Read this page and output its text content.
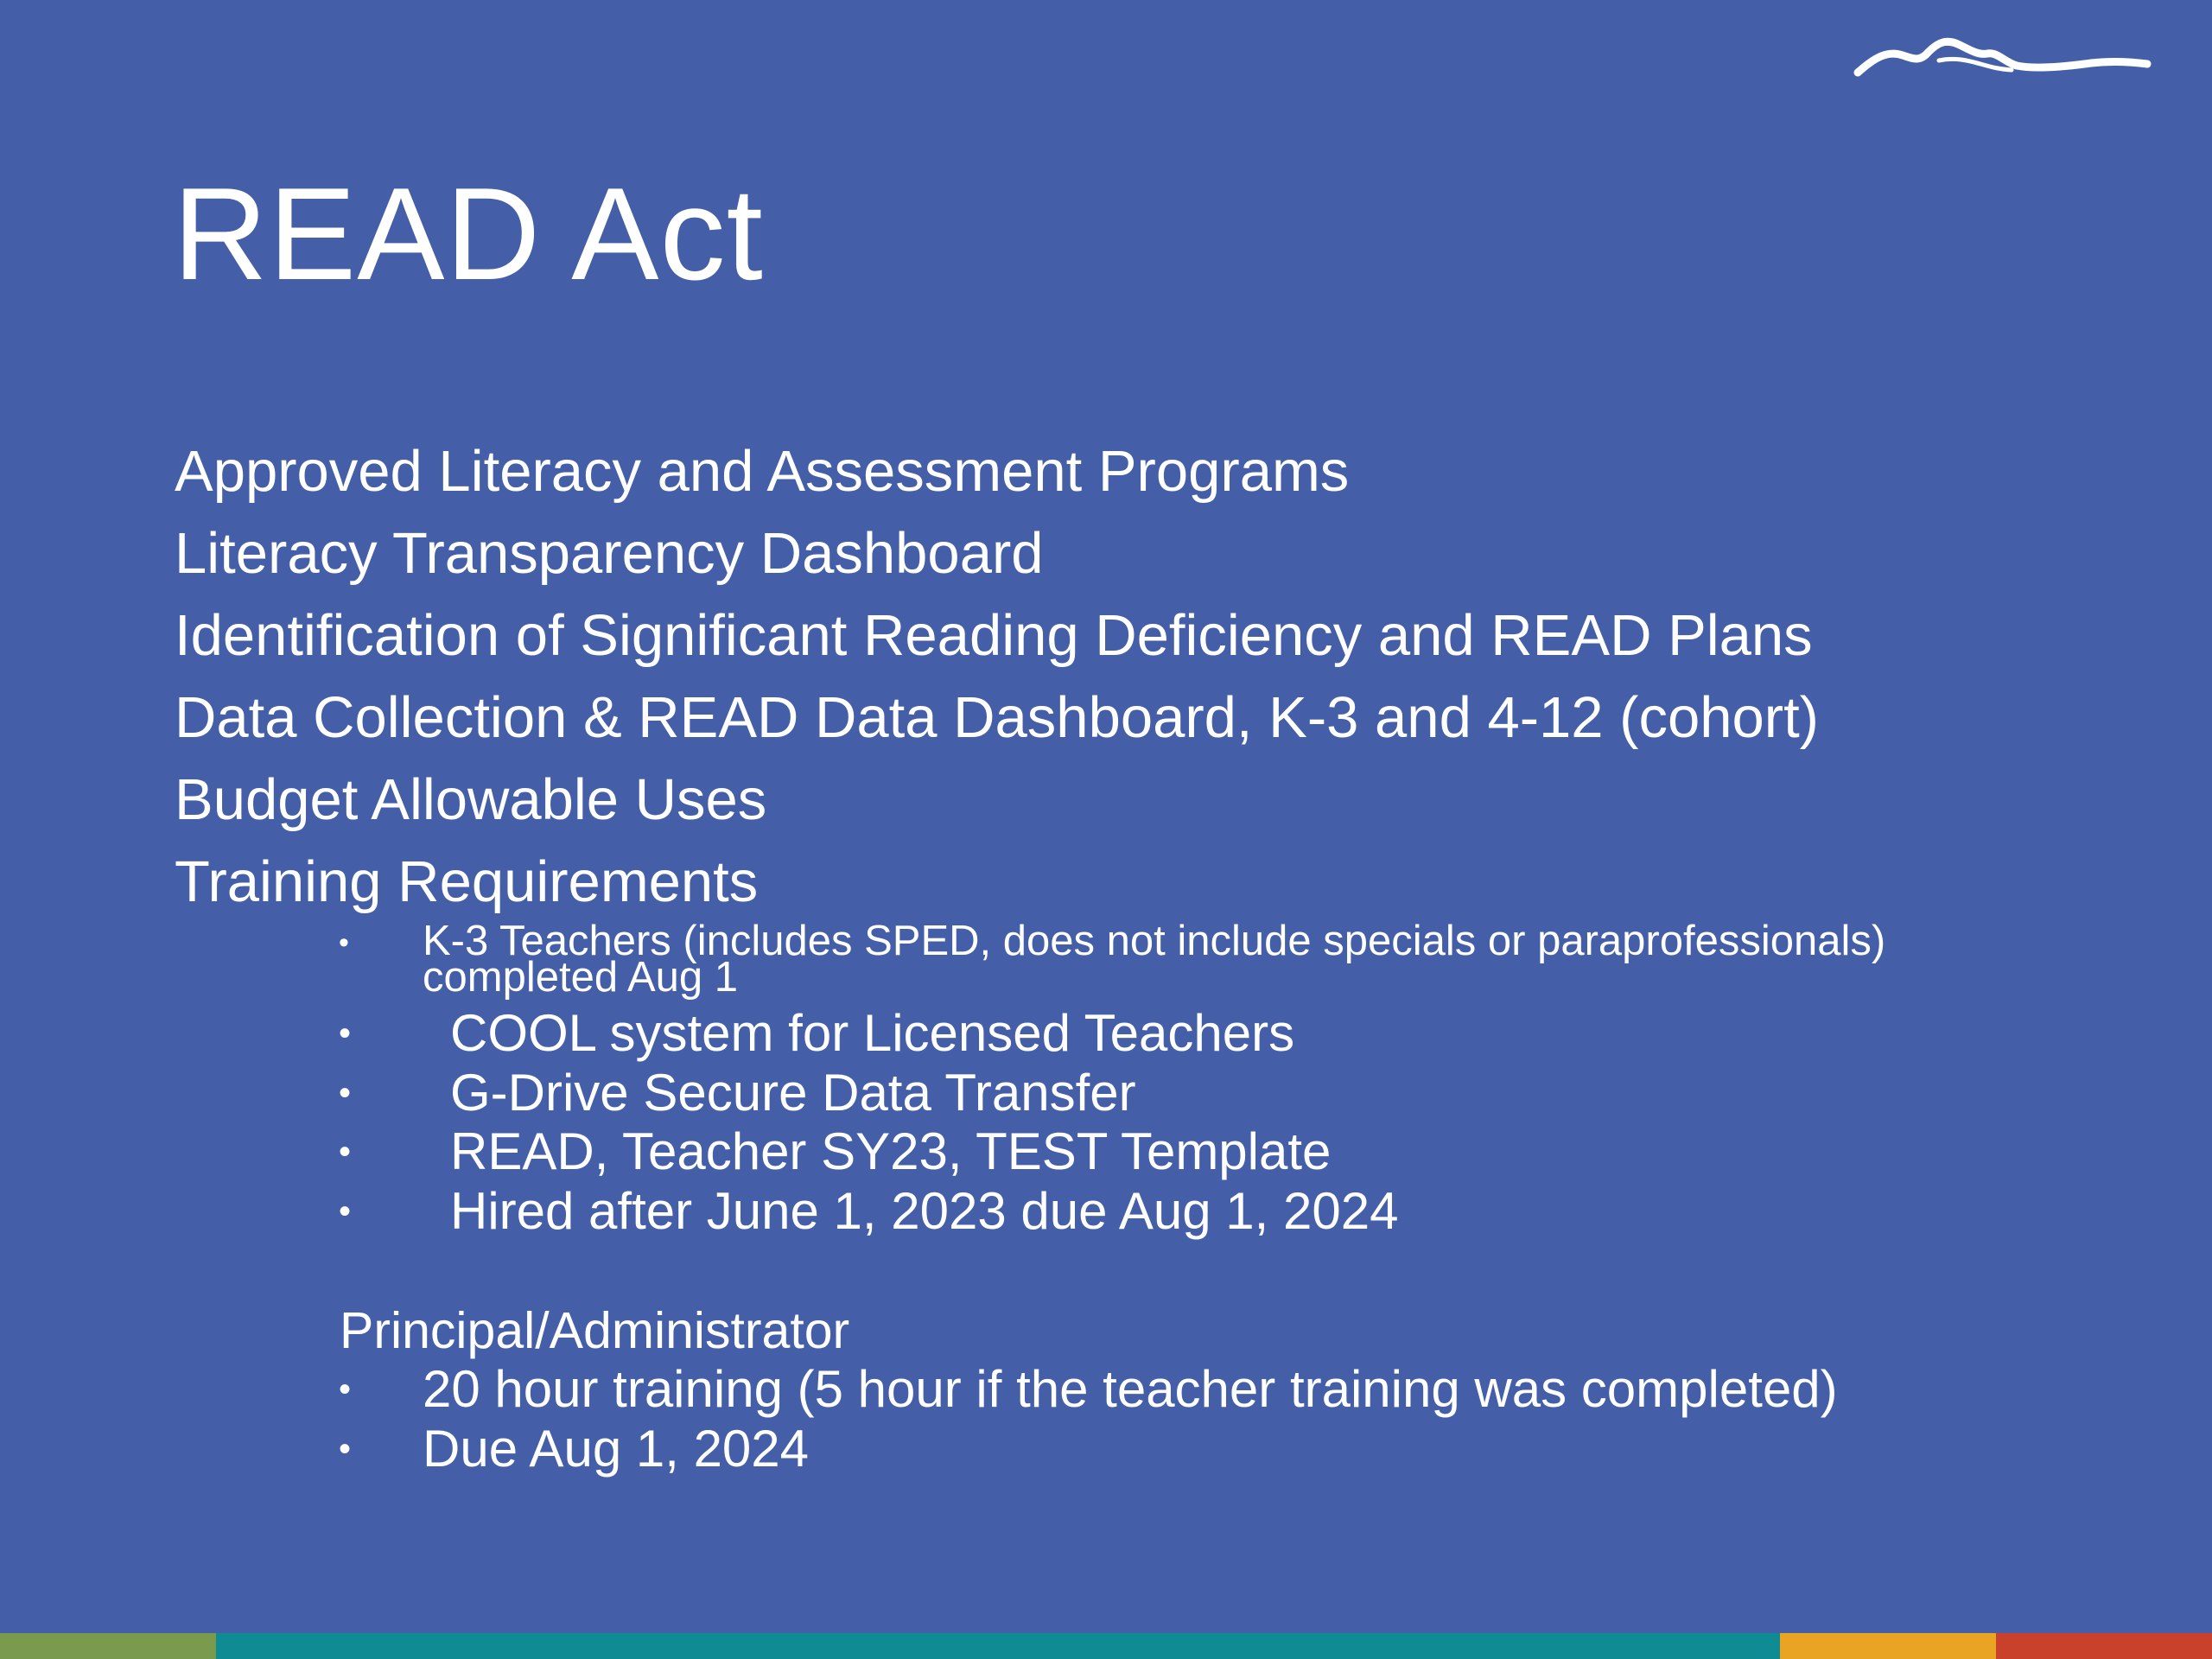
READ Act
Approved Literacy and Assessment Programs
Literacy Transparency Dashboard
Identification of Significant Reading Deficiency and READ Plans
Data Collection & READ Data Dashboard, K-3 and 4-12 (cohort)
Budget Allowable Uses
Training Requirements
• K-3 Teachers (includes SPED, does not include specials or paraprofessionals)
completed Aug 1
• COOL system for Licensed Teachers
• G-Drive Secure Data Transfer
• READ, Teacher SY23, TEST Template
• Hired after June 1, 2023 due Aug 1, 2024
Principal/Administrator
• 20 hour training (5 hour if the teacher training was completed)
• Due Aug 1, 2024
